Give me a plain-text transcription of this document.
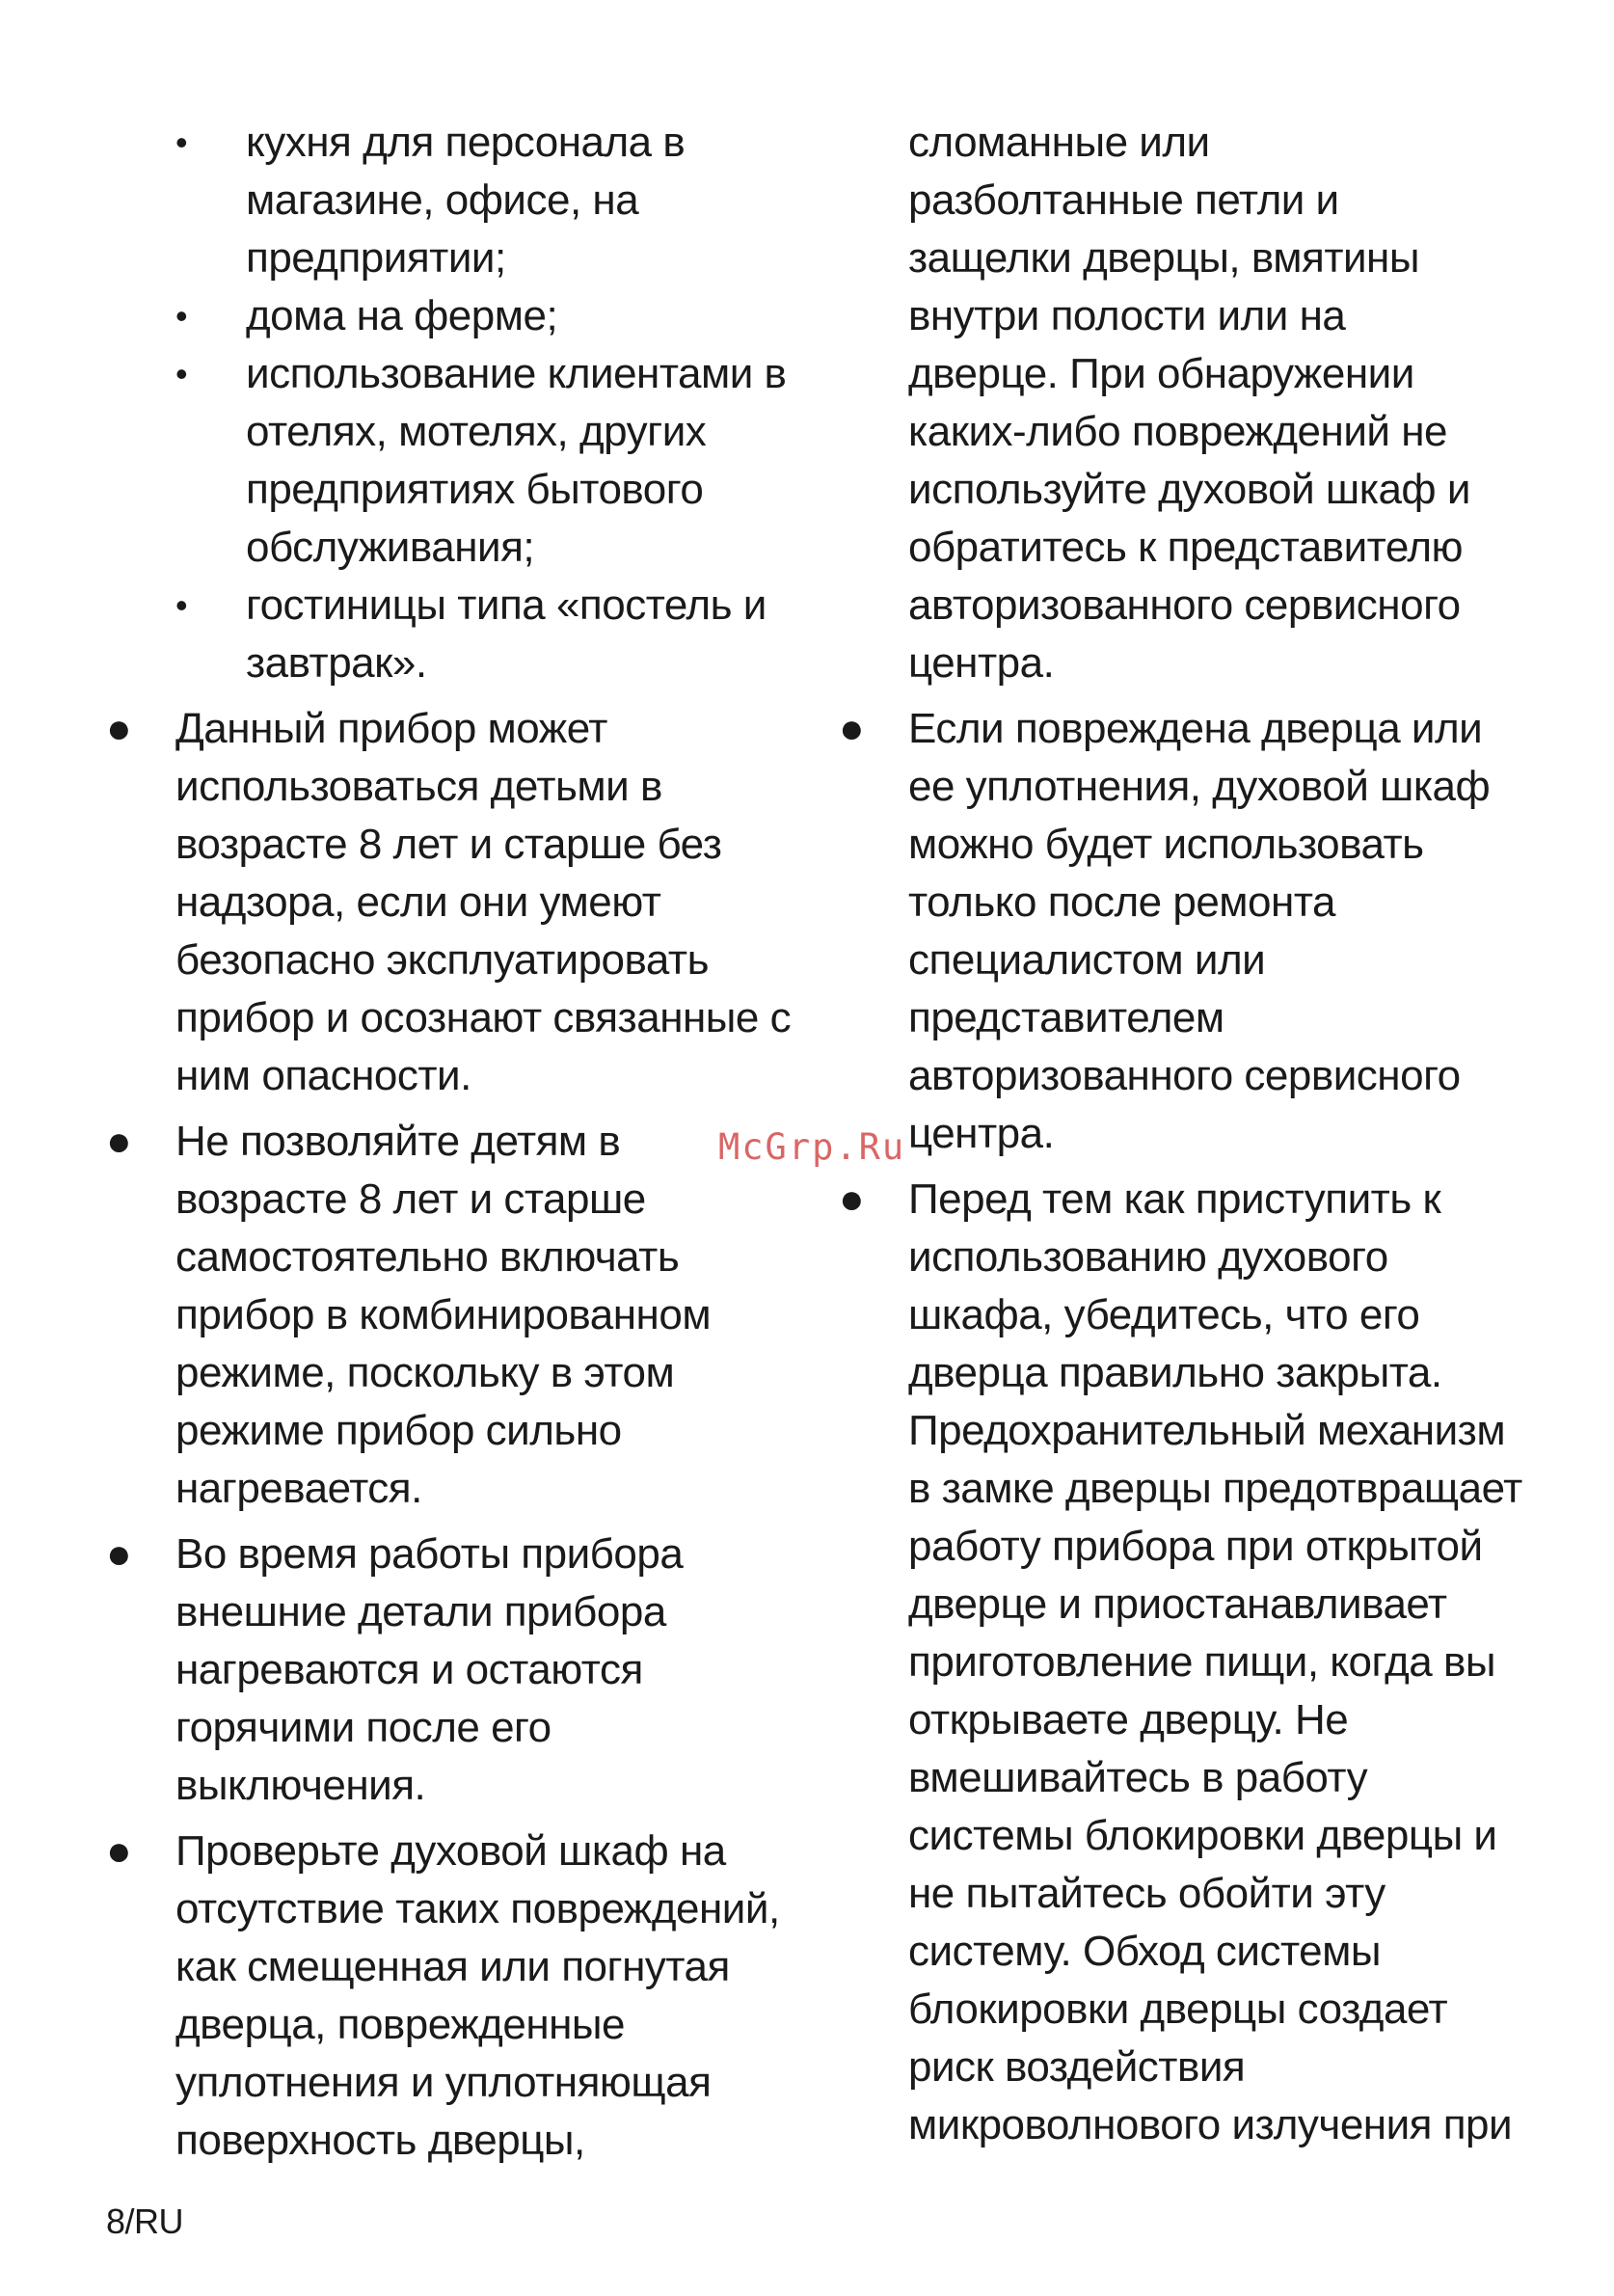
• кухня для персонала в магазине, офисе, на предприятии;

• дома на ферме;

• использование клиентами в отелях, мотелях, других предприятиях бытового обслуживания;

• гостиницы типа «постель и завтрак».

● Данный прибор может использоваться детьми в возрасте 8 лет и старше без надзора, если они умеют безопасно эксплуатировать прибор и осознают связанные с ним опасности.

● Не позволяйте детям в возрасте 8 лет и старше самостоятельно включать прибор в комбинированном режиме, поскольку в этом режиме прибор сильно нагревается.

● Во время работы прибора внешние детали прибора нагреваются и остаются горячими после его выключения.

● Проверьте духовой шкаф на отсутствие таких повреждений, как смещенная или погнутая дверца, поврежденные уплотнения и уплотняющая поверхность дверцы,

сломанные или разболтанные петли и защелки дверцы, вмятины внутри полости или на дверце. При обнаружении каких-либо повреждений не используйте духовой шкаф и обратитесь к представителю авторизованного сервисного центра.

● Если повреждена дверца или ее уплотнения, духовой шкаф можно будет использовать только после ремонта специалистом или представителем авторизованного сервисного центра.

● Перед тем как приступить к использованию духового шкафа, убедитесь, что его дверца правильно закрыта. Предохранительный механизм в замке дверцы предотвращает работу прибора при открытой дверце и приостанавливает приготовление пищи, когда вы открываете дверцу. Не вмешивайтесь в работу системы блокировки дверцы и не пытайтесь обойти эту систему. Обход системы блокировки дверцы создает риск воздействия микроволнового излучения при

McGrp.Ru
8/RU
